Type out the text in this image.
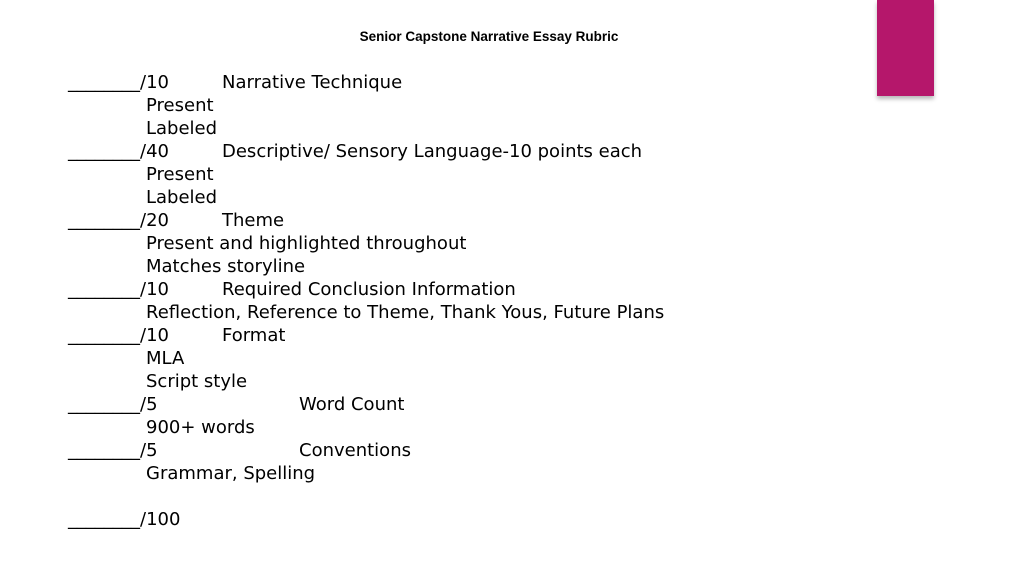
Senior Capstone Narrative Essay Rubric
________/10	Narrative Technique
Present
Labeled
________/40	Descriptive/ Sensory Language-10 points each
Present
Labeled
________/20	Theme
Present and highlighted throughout
Matches storyline
________/10	Required Conclusion Information
Reflection, Reference to Theme, Thank Yous, Future Plans
________/10	Format
MLA
Script style
________/5	Word Count
900+ words
________/5	Conventions
Grammar, Spelling
________/100
